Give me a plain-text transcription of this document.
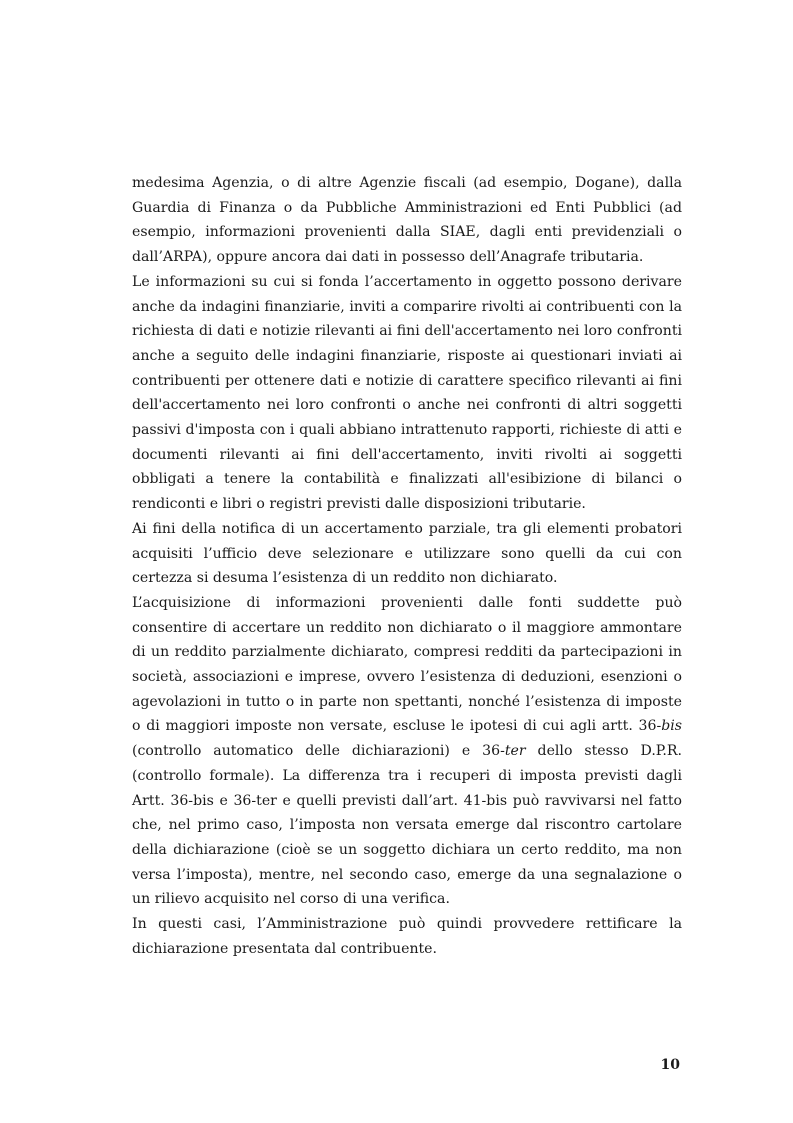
medesima Agenzia, o di altre Agenzie fiscali (ad esempio, Dogane), dalla Guardia di Finanza o da Pubbliche Amministrazioni ed Enti Pubblici (ad esempio, informazioni provenienti dalla SIAE, dagli enti previdenziali o dall’ARPA), oppure ancora dai dati in possesso dell’Anagrafe tributaria.

Le informazioni su cui si fonda l’accertamento in oggetto possono derivare anche da indagini finanziarie, inviti a comparire rivolti ai contribuenti con la richiesta di dati e notizie rilevanti ai fini dell'accertamento nei loro confronti anche a seguito delle indagini finanziarie, risposte ai questionari inviati ai contribuenti per ottenere dati e notizie di carattere specifico rilevanti ai fini dell'accertamento nei loro confronti o anche nei confronti di altri soggetti passivi d'imposta con i quali abbiano intrattenuto rapporti, richieste di atti e documenti rilevanti ai fini dell'accertamento, inviti rivolti ai soggetti obbligati a tenere la contabilità e finalizzati all'esibizione di bilanci o rendiconti e libri o registri previsti dalle disposizioni tributarie.

Ai fini della notifica di un accertamento parziale, tra gli elementi probatori acquisiti l’ufficio deve selezionare e utilizzare sono quelli da cui con certezza si desuma l’esistenza di un reddito non dichiarato.

L’acquisizione di informazioni provenienti dalle fonti suddette può consentire di accertare un reddito non dichiarato o il maggiore ammontare di un reddito parzialmente dichiarato, compresi redditi da partecipazioni in società, associazioni e imprese, ovvero l’esistenza di deduzioni, esenzioni o agevolazioni in tutto o in parte non spettanti, nonché l’esistenza di imposte o di maggiori imposte non versate, escluse le ipotesi di cui agli artt. 36-bis (controllo automatico delle dichiarazioni) e 36-ter dello stesso D.P.R. (controllo formale). La differenza tra i recuperi di imposta previsti dagli Artt. 36-bis e 36-ter e quelli previsti dall’art. 41-bis può ravvivarsi nel fatto che, nel primo caso, l’imposta non versata emerge dal riscontro cartolare della dichiarazione (cioè se un soggetto dichiara un certo reddito, ma non versa l’imposta), mentre, nel secondo caso, emerge da una segnalazione o un rilievo acquisito nel corso di una verifica.

In questi casi, l’Amministrazione può quindi provvedere rettificare la dichiarazione presentata dal contribuente.

10
